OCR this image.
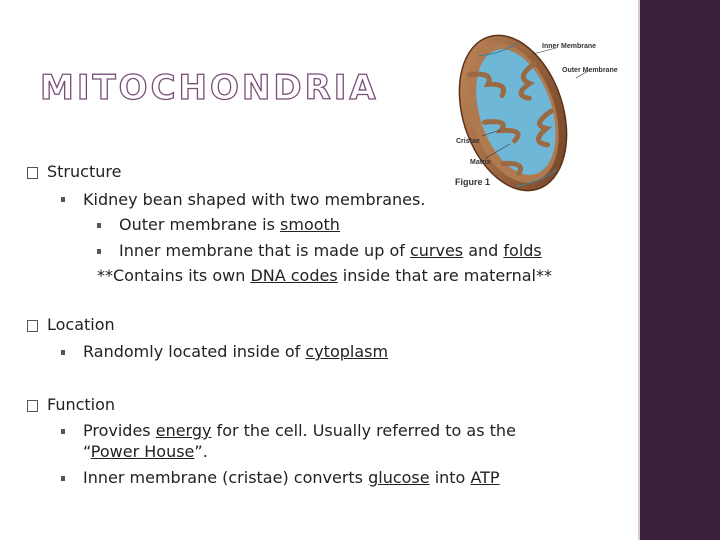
MITOCHONDRIA
Inner Membrane
Outer Membrane
Cristae
Matrix
Figure 1
Structure
Kidney bean shaped with two membranes.
Outer membrane is smooth
Inner membrane that is made up of curves and folds
**Contains its own DNA codes inside that are maternal**
Location
Randomly located inside of cytoplasm
Function
Provides energy for the cell. Usually referred to as the
“Power House”.
Inner membrane (cristae) converts glucose into ATP
